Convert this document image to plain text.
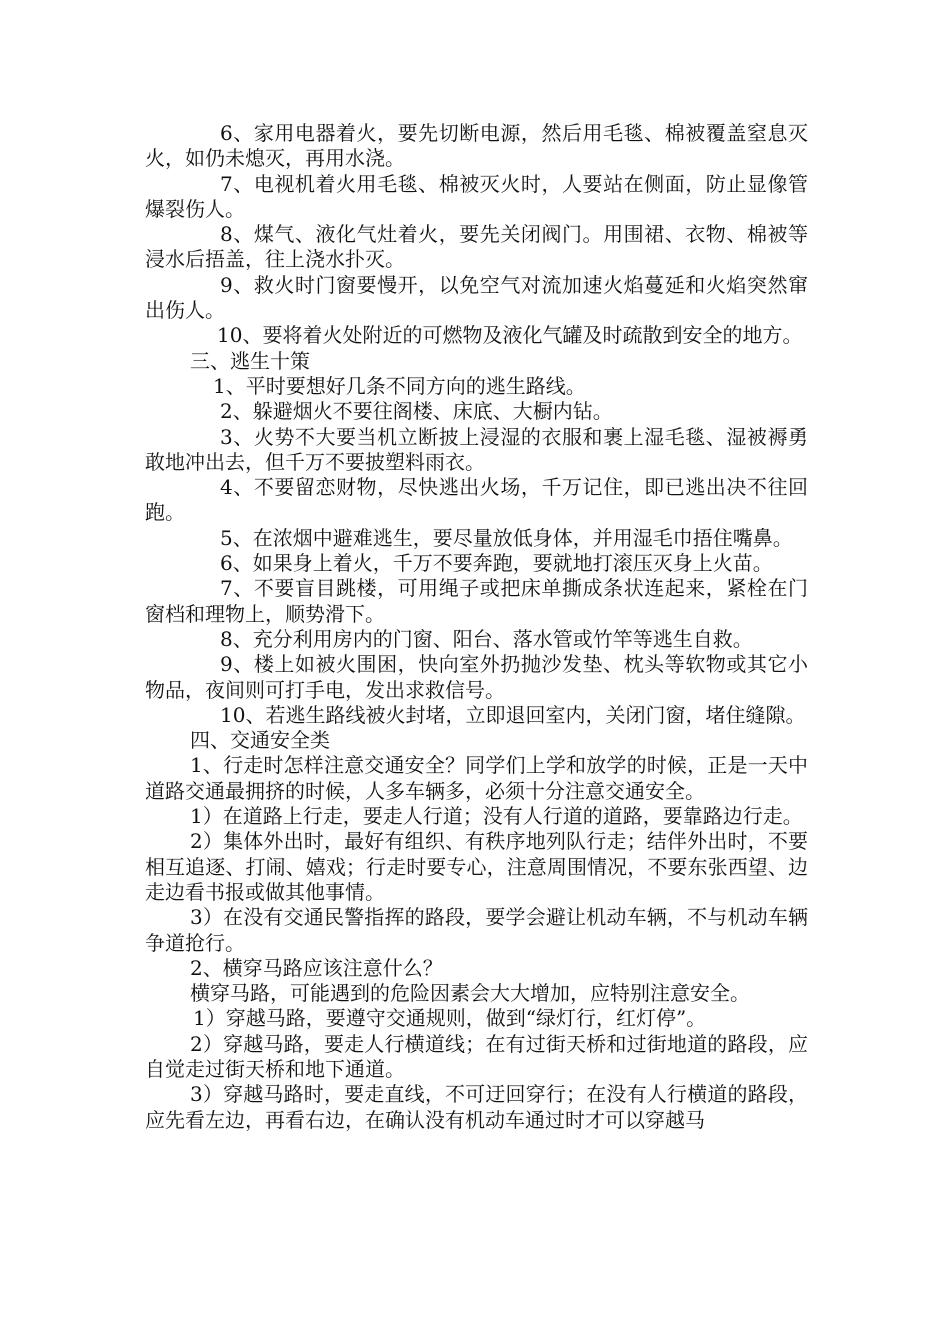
6、家用电器着火，要先切断电源，然后用毛毯、棉被覆盖窒息灭火，如仍未熄灭，再用水浇。

7、电视机着火用毛毯、棉被灭火时，人要站在侧面，防止显像管爆裂伤人。

8、煤气、液化气灶着火，要先关闭阀门。用围裙、衣物、棉被等浸水后捂盖，往上浇水扑灭。

9、救火时门窗要慢开，以免空气对流加速火焰蔓延和火焰突然窜出伤人。

10、要将着火处附近的可燃物及液化气罐及时疏散到安全的地方。

三、逃生十策

1、平时要想好几条不同方向的逃生路线。

2、躲避烟火不要往阁楼、床底、大橱内钻。

3、火势不大要当机立断披上浸湿的衣服和裹上湿毛毯、湿被褥勇敢地冲出去，但千万不要披塑料雨衣。

4、不要留恋财物，尽快逃出火场，千万记住，即已逃出决不往回跑。

5、在浓烟中避难逃生，要尽量放低身体，并用湿毛巾捂住嘴鼻。

6、如果身上着火，千万不要奔跑，要就地打滚压灭身上火苗。

7、不要盲目跳楼，可用绳子或把床单撕成条状连起来，紧栓在门窗档和理物上，顺势滑下。

8、充分利用房内的门窗、阳台、落水管或竹竿等逃生自救。

9、楼上如被火围困，快向室外扔抛沙发垫、枕头等软物或其它小物品，夜间则可打手电，发出求救信号。

10、若逃生路线被火封堵，立即退回室内，关闭门窗，堵住缝隙。

四、交通安全类

1、行走时怎样注意交通安全？同学们上学和放学的时候，正是一天中道路交通最拥挤的时候，人多车辆多，必须十分注意交通安全。

1）在道路上行走，要走人行道；没有人行道的道路，要靠路边行走。

2）集体外出时，最好有组织、有秩序地列队行走；结伴外出时，不要相互追逐、打闹、嬉戏；行走时要专心，注意周围情况，不要东张西望、边走边看书报或做其他事情。

3）在没有交通民警指挥的路段，要学会避让机动车辆，不与机动车辆争道抢行。

2、横穿马路应该注意什么？

横穿马路，可能遇到的危险因素会大大增加，应特别注意安全。

1）穿越马路，要遵守交通规则，做到“绿灯行，红灯停”。

2）穿越马路，要走人行横道线；在有过街天桥和过街地道的路段，应自觉走过街天桥和地下通道。

3）穿越马路时，要走直线，不可迂回穿行；在没有人行横道的路段，应先看左边，再看右边，在确认没有机动车通过时才可以穿越马
